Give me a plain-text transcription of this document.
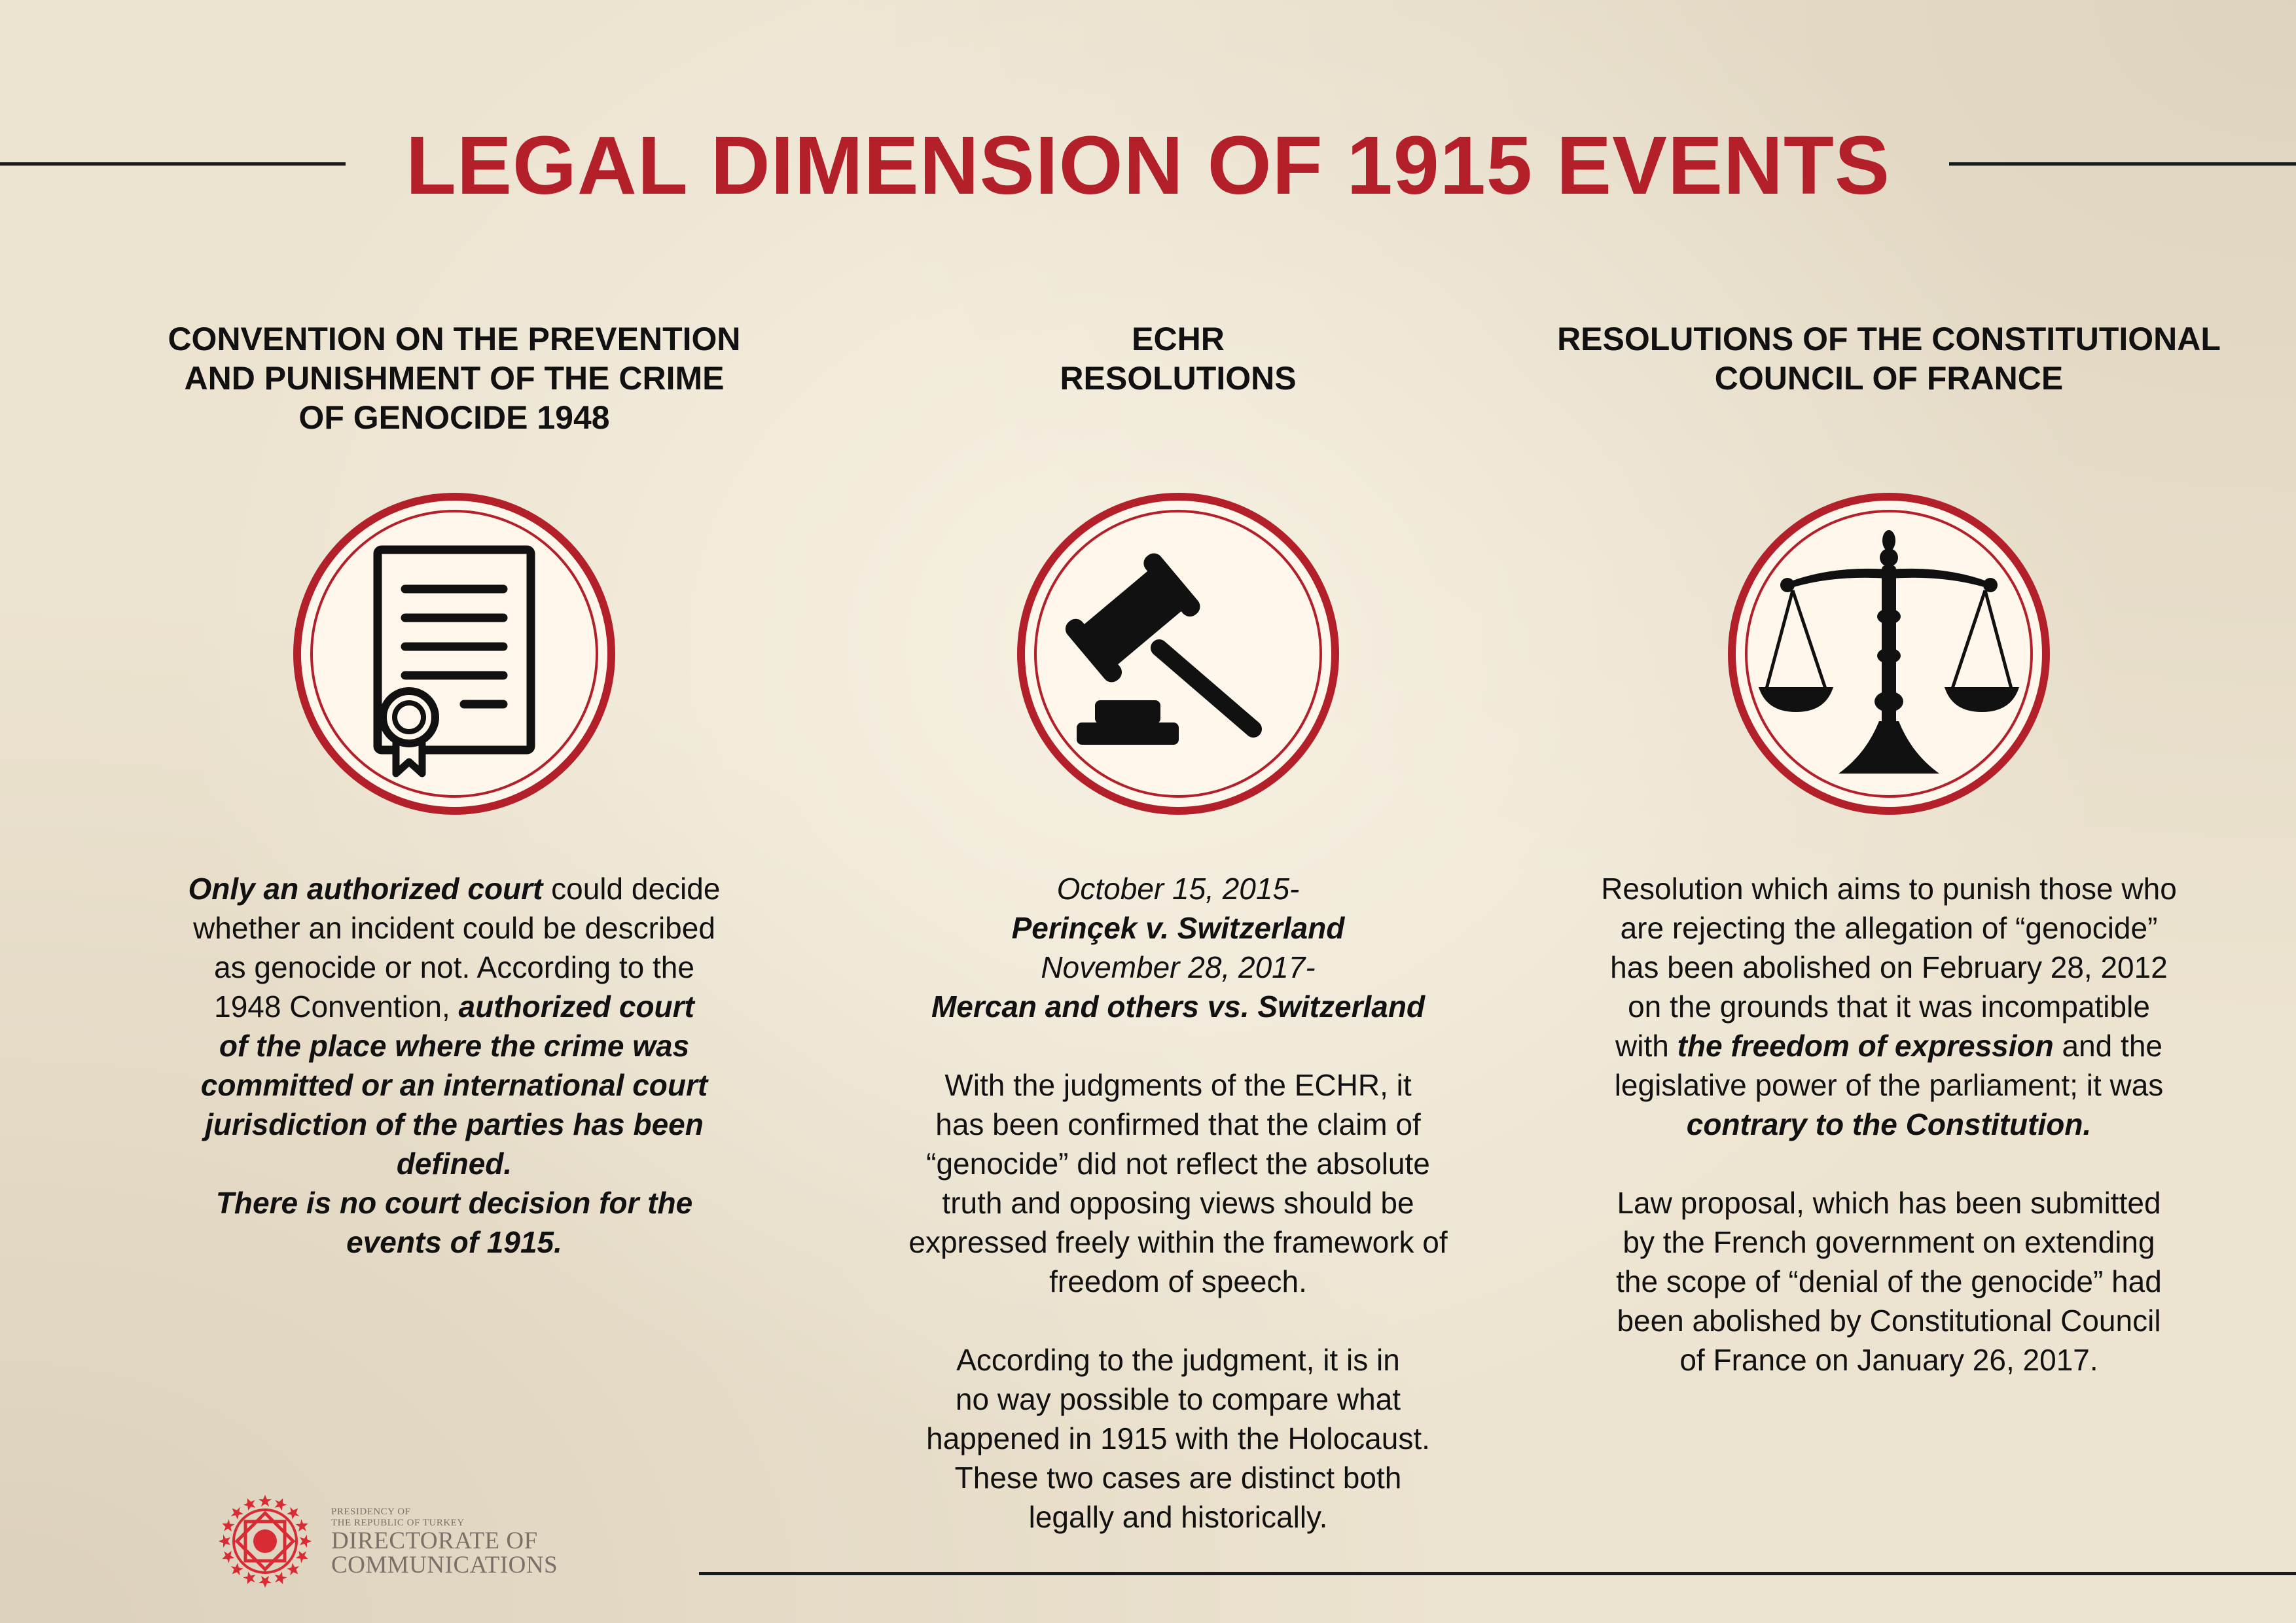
LEGAL DIMENSION OF 1915 EVENTS
CONVENTION ON THE PREVENTION
AND PUNISHMENT OF THE CRIME
OF GENOCIDE 1948

Only an authorized court could decide

whether an incident could be described

as genocide or not. According to the

1948 Convention, authorized court

of the place where the crime was

committed or an international court

jurisdiction of the parties has been

defined.

There is no court decision for the

events of 1915.

ECHR
RESOLUTIONS

October 15, 2015-

Perinçek v. Switzerland

November 28, 2017-

Mercan and others vs. Switzerland

With the judgments of the ECHR, it

has been confirmed that the claim of

“genocide” did not reflect the absolute

truth and opposing views should be

expressed freely within the framework of

freedom of speech.

According to the judgment, it is in

no way possible to compare what

happened in 1915 with the Holocaust.

These two cases are distinct both

legally and historically.

RESOLUTIONS OF THE CONSTITUTIONAL
COUNCIL OF FRANCE

Resolution which aims to punish those who

are rejecting the allegation of “genocide”

has been abolished on February 28, 2012

on the grounds that it was incompatible

with the freedom of expression and the

legislative power of the parliament; it was

contrary to the Constitution.

Law proposal, which has been submitted

by the French government on extending

the scope of “denial of the genocide” had

been abolished by Constitutional Council

of France on January 26, 2017.

PRESIDENCY OF
THE REPUBLIC OF TURKEY
DIRECTORATE OF
COMMUNICATIONS
